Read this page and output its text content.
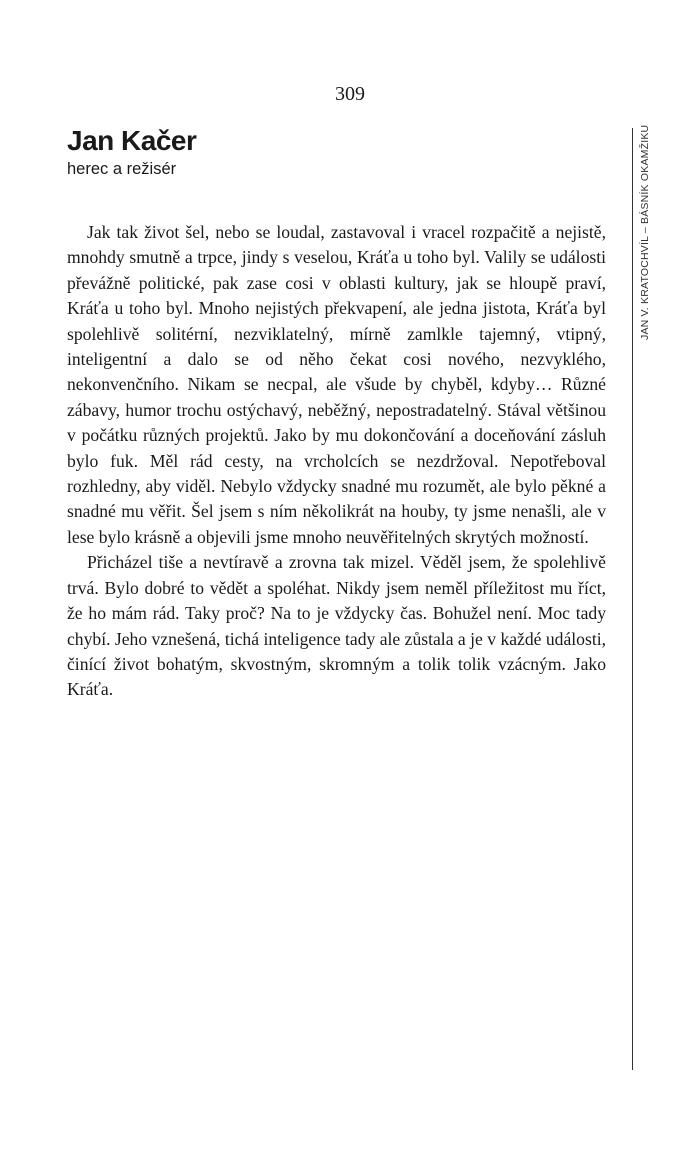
309
Jan Kačer
herec a režisér

Jak tak život šel, nebo se loudal, zastavoval i vracel rozpačitě a nejistě, mnohdy smutně a trpce, jindy s veselou, Kráťa u toho byl. Valily se události převážně politické, pak zase cosi v oblasti kultury, jak se hloupě praví, Kráťa u toho byl. Mnoho nejistých překvapení, ale jedna jistota, Kráťa byl spolehlivě solitérní, nezviklatelný, mírně zamlkle tajemný, vtipný, inteligentní a dalo se od něho čekat cosi nového, nezvyklého, nekonvenčního. Nikam se necpal, ale všude by chyběl, kdyby… Různé zábavy, humor trochu ostýchavý, neběžný, nepostradatelný. Stával většinou v počátku různých projektů. Jako by mu dokončování a doceňování zásluh bylo fuk. Měl rád cesty, na vrcholcích se nezdržoval. Nepotřeboval rozhledny, aby viděl. Nebylo vždycky snadné mu rozumět, ale bylo pěkné a snadné mu věřit. Šel jsem s ním několikrát na houby, ty jsme nenašli, ale v lese bylo krásně a objevili jsme mnoho neuvěřitelných skrytých možností.

Přicházel tiše a nevtíravě a zrovna tak mizel. Věděl jsem, že spolehlivě trvá. Bylo dobré to vědět a spoléhat. Nikdy jsem neměl příležitost mu říct, že ho mám rád. Taky proč? Na to je vždycky čas. Bohužel není. Moc tady chybí. Jeho vznešená, tichá inteligence tady ale zůstala a je v každé události, činící život bohatým, skvostným, skromným a tolik tolik vzácným. Jako Kráťa.

JAN V. KRATOCHVÍL – BÁSNÍK OKAMŽIKU
